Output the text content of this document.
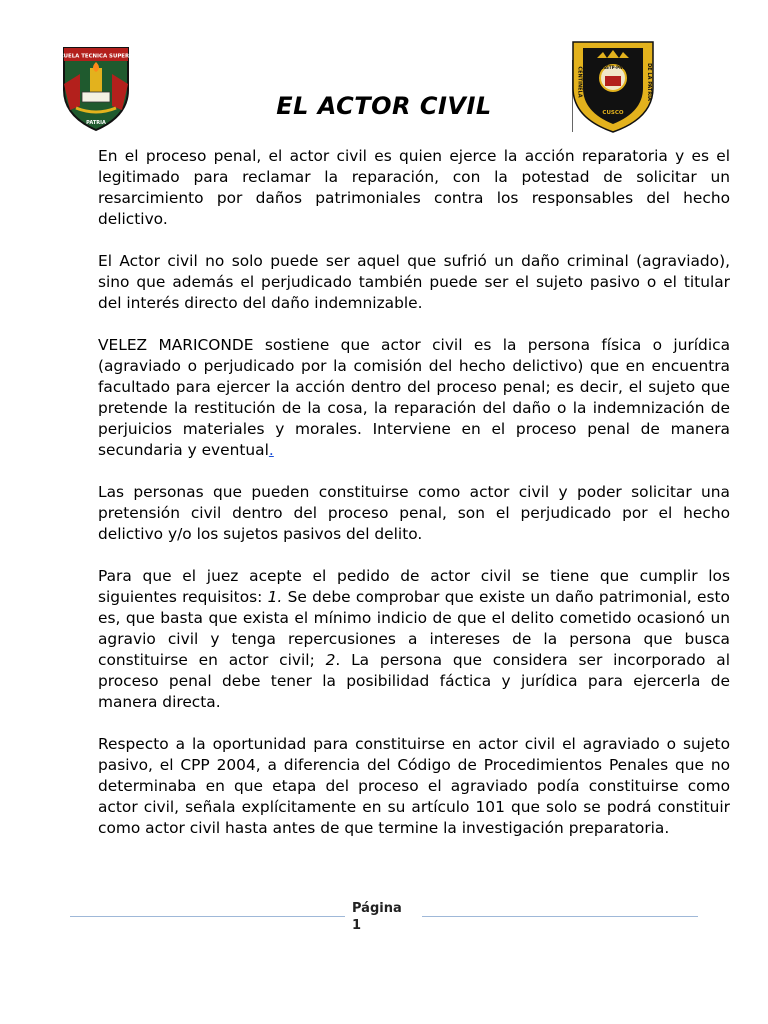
ESCUELA TECNICA SUPERIOR
PATRIA
CENTINELA	DE LA PATRIA
ESSTP-PNP
CUSCO
EL ACTOR CIVIL

En el proceso penal, el actor civil es quien ejerce la acción reparatoria y es el legitimado para reclamar la reparación, con la potestad de solicitar un resarcimiento por daños patrimoniales contra los responsables del hecho delictivo.

El Actor civil no solo puede ser aquel que sufrió un daño criminal (agraviado), sino que además el perjudicado también puede ser el sujeto pasivo o el titular del interés directo del daño indemnizable.

VELEZ MARICONDE sostiene que actor civil es la persona física o jurídica (agraviado o perjudicado por la comisión del hecho delictivo) que en encuentra facultado para ejercer la acción dentro del proceso penal; es decir, el sujeto que pretende la restitución de la cosa, la reparación del daño o la indemnización de perjuicios materiales y morales. Interviene en el proceso penal de manera secundaria y eventual.

Las personas que pueden constituirse como actor civil y poder solicitar una pretensión civil dentro del proceso penal, son el perjudicado por el hecho delictivo y/o los sujetos pasivos del delito.

Para que el juez acepte el pedido de actor civil se tiene que cumplir los siguientes requisitos: 1. Se debe comprobar que existe un daño patrimonial, esto es, que basta que exista el mínimo indicio de que el delito cometido ocasionó un agravio civil y tenga repercusiones a intereses de la persona que busca constituirse en actor civil; 2. La persona que considera ser incorporado al proceso penal debe tener la posibilidad fáctica y jurídica para ejercerla de manera directa.

Respecto a la oportunidad para constituirse en actor civil el agraviado o sujeto pasivo, el CPP 2004, a diferencia del Código de Procedimientos Penales que no determinaba en que etapa del proceso el agraviado podía constituirse como actor civil, señala explícitamente en su artículo 101 que solo se podrá constituir como actor civil hasta antes de que termine la investigación preparatoria.

Página
1
